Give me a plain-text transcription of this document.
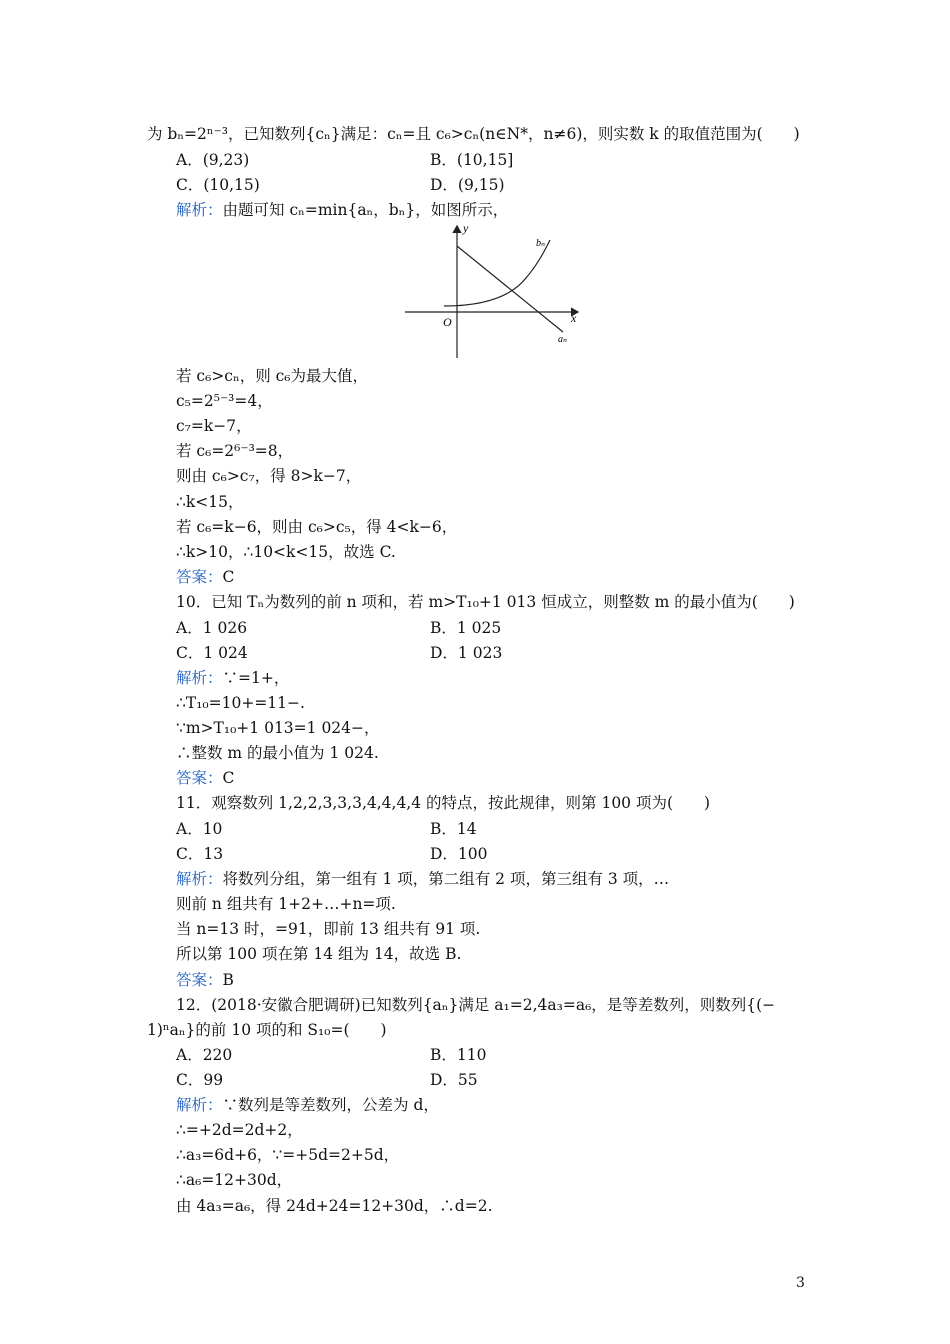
为 bₙ=2ⁿ⁻³，已知数列{cₙ}满足：cₙ=且 c₆>cₙ(n∈N*，n≠6)，则实数 k 的取值范围为(　　)
A．(9,23)	B．(10,15]
C．(10,15)	D．(9,15)
解析：由题可知 cₙ=min{aₙ，bₙ}，如图所示，
y
x
O
bₙ
aₙ
若 c₆>cₙ，则 c₆为最大值，
c₅=2⁵⁻³=4，
c₇=k−7，
若 c₆=2⁶⁻³=8，
则由 c₆>c₇，得 8>k−7，
∴k<15，
若 c₆=k−6，则由 c₆>c₅，得 4<k−6，
∴k>10，∴10<k<15，故选 C.
答案：C
10．已知 Tₙ为数列的前 n 项和，若 m>T₁₀+1 013 恒成立，则整数 m 的最小值为(　　)
A．1 026	B．1 025
C．1 024	D．1 023
解析：∵=1+，
∴T₁₀=10+=11−.
∵m>T₁₀+1 013=1 024−，
∴整数 m 的最小值为 1 024.
答案：C
11．观察数列 1,2,2,3,3,3,4,4,4,4 的特点，按此规律，则第 100 项为(　　)
A．10	B．14
C．13	D．100
解析：将数列分组，第一组有 1 项，第二组有 2 项，第三组有 3 项，…
则前 n 组共有 1+2+…+n=项.
当 n=13 时，=91，即前 13 组共有 91 项.
所以第 100 项在第 14 组为 14，故选 B.
答案：B
12．(2018·安徽合肥调研)已知数列{aₙ}满足 a₁=2,4a₃=a₆，是等差数列，则数列{(−
1)ⁿaₙ}的前 10 项的和 S₁₀=(　　)
A．220	B．110
C．99	D．55
解析：∵数列是等差数列，公差为 d，
∴=+2d=2d+2，
∴a₃=6d+6，∵=+5d=2+5d，
∴a₆=12+30d，
由 4a₃=a₆，得 24d+24=12+30d，∴d=2.
3
